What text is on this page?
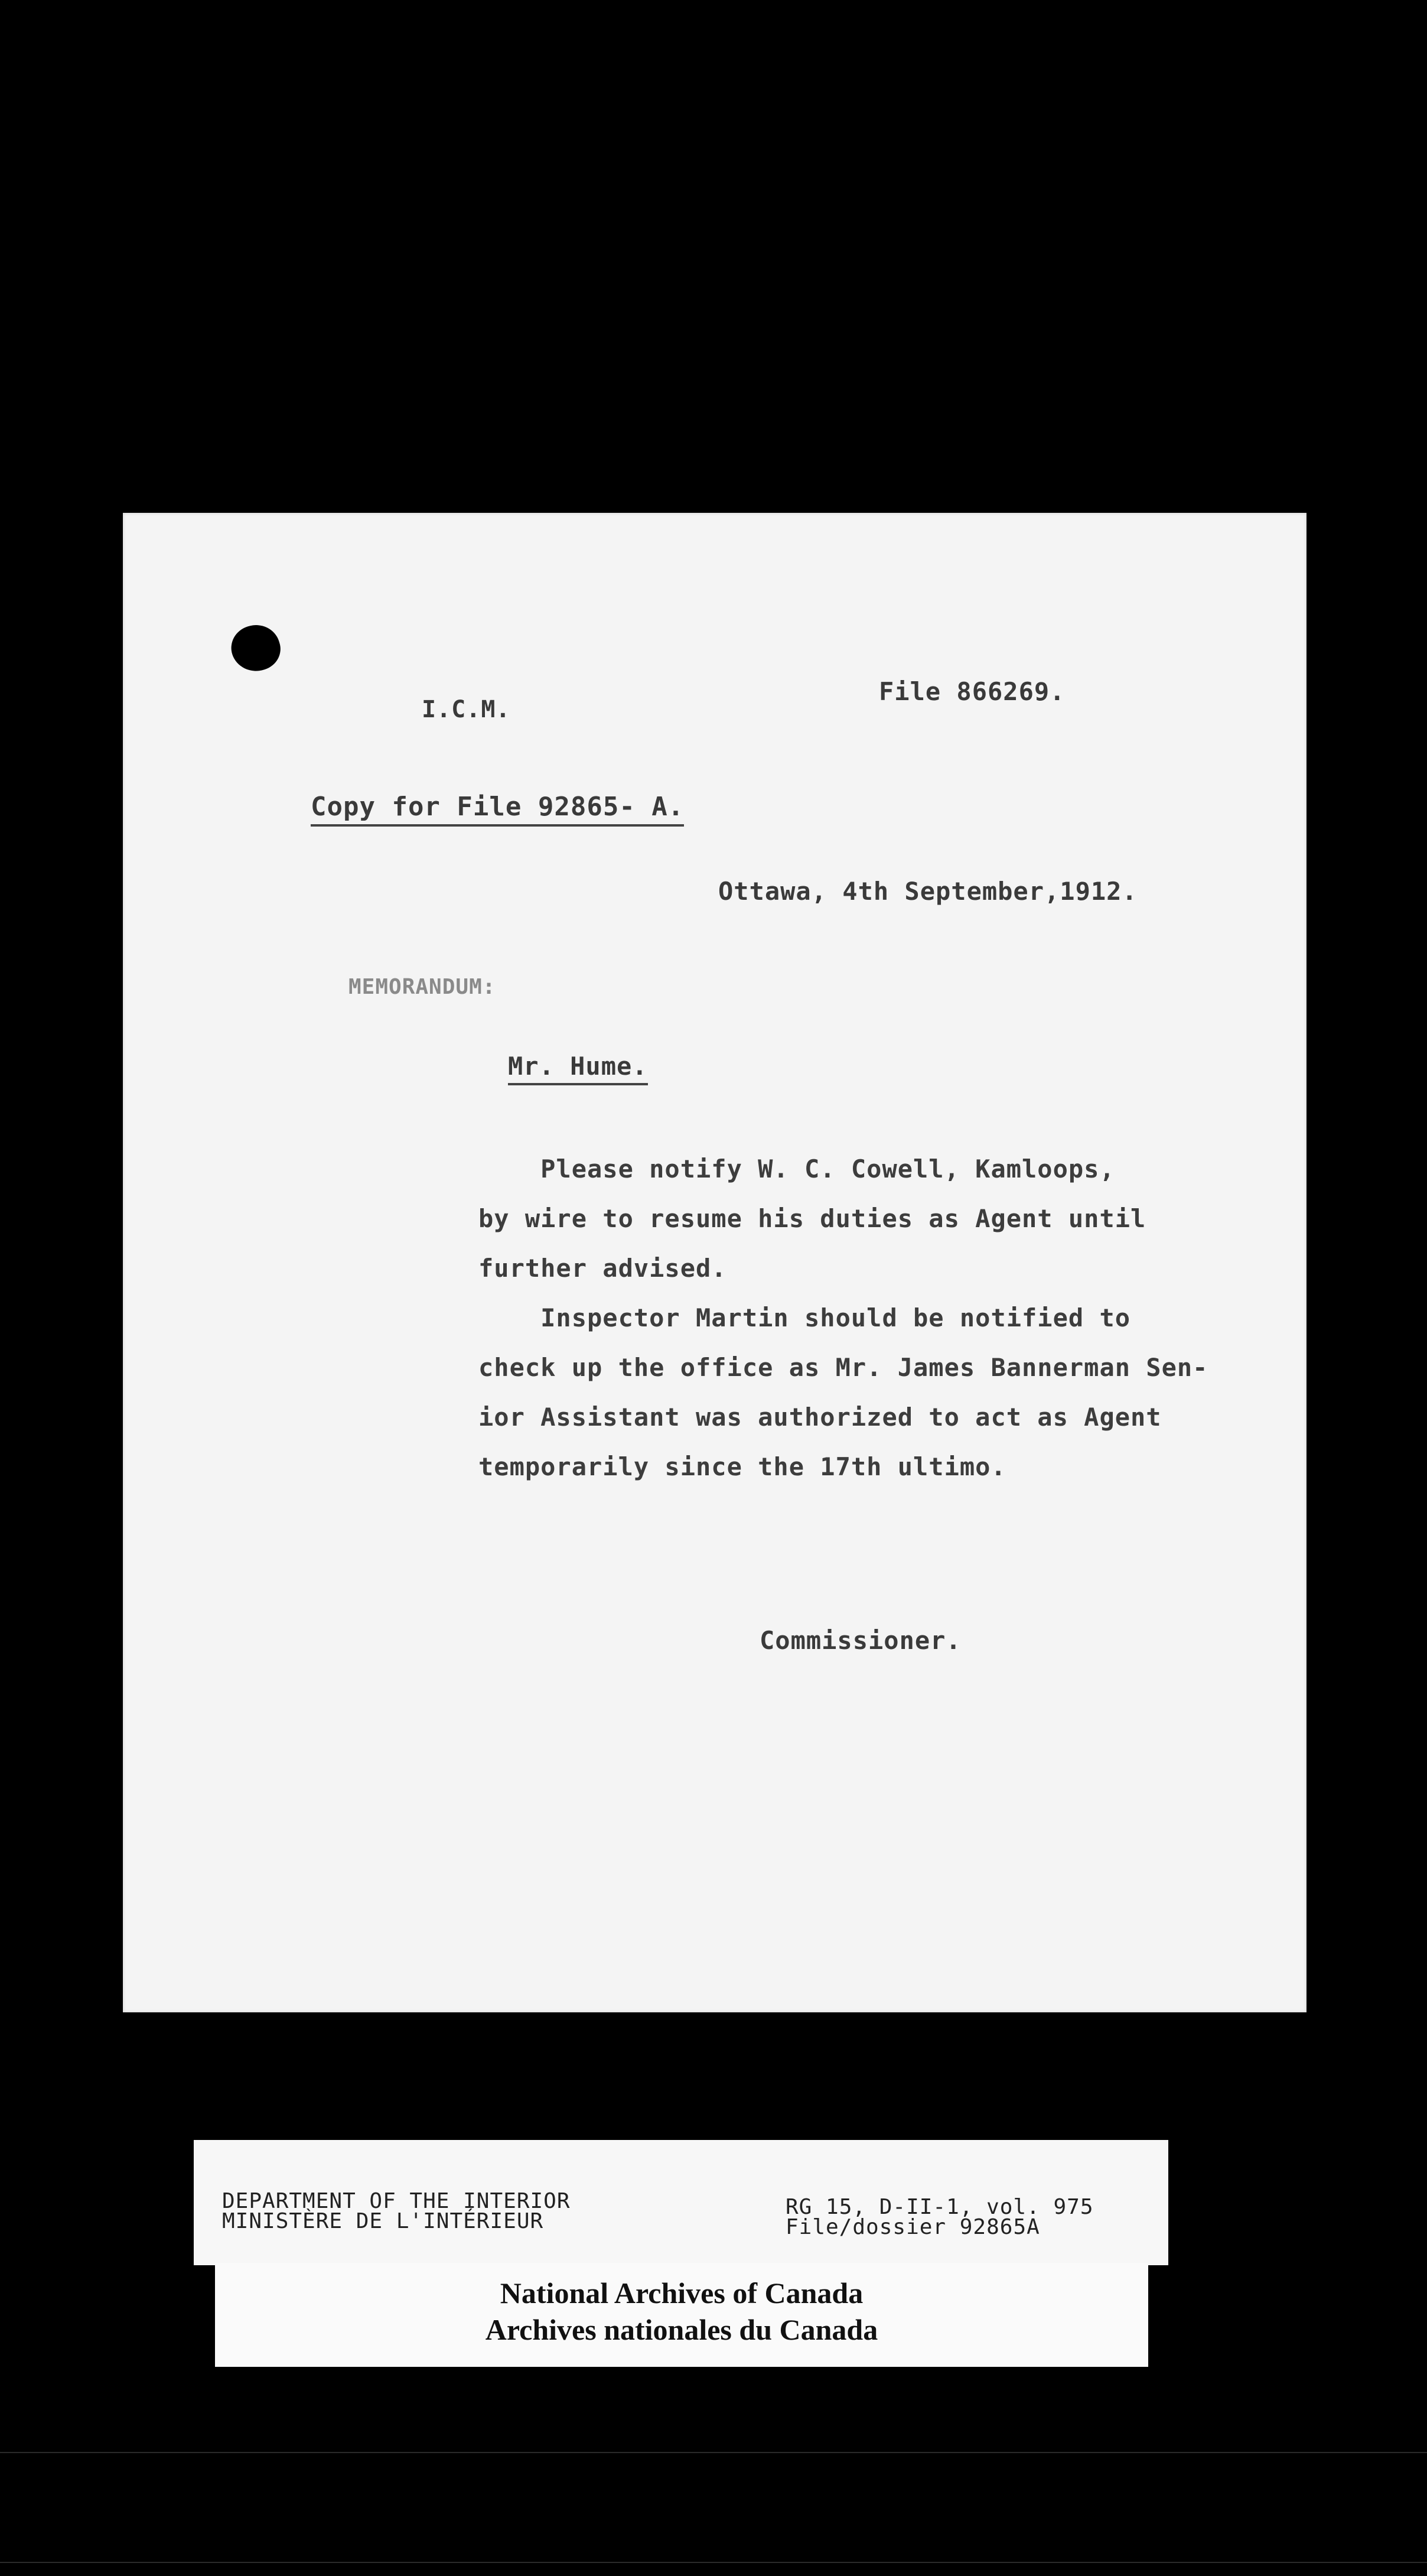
I.C.M.
File 866269.
Copy for File 92865- A.
Ottawa, 4th September,1912.
MEMORANDUM:
Mr. Hume.
Please notify W. C. Cowell, Kamloops,
by wire to resume his duties as Agent until
further advised.
Inspector Martin should be notified to
check up the office as Mr. James Bannerman Sen-
ior Assistant was authorized to act as Agent
temporarily since the 17th ultimo.
Commissioner.
DEPARTMENT OF THE INTERIOR
MINISTÈRE DE L'INTÉRIEUR
RG 15, D-II-1, vol. 975
File/dossier 92865A
National Archives of Canada
Archives nationales du Canada
